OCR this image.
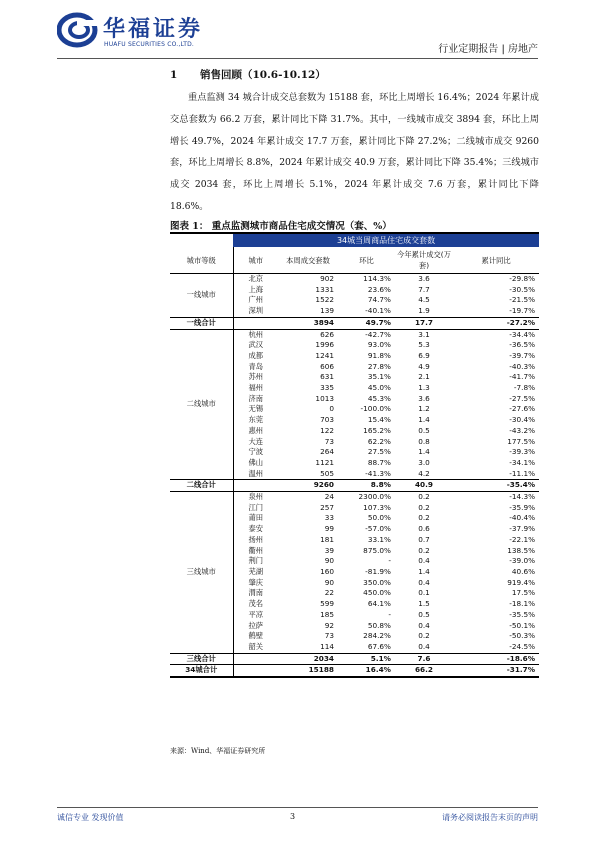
华福证券
HUAFU SECURITIES CO.,LTD.	行业定期报告 | 房地产
1 销售回顾（10.6-10.12）
重点监测 34 城合计成交总套数为 15188 套，环比上周增长 16.4%；2024 年累计成交总套数为 66.2 万套，累计同比下降 31.7%。其中，一线城市成交 3894 套，环比上周增长 49.7%，2024 年累计成交 17.7 万套，累计同比下降 27.2%；二线城市成交 9260 套，环比上周增长 8.8%，2024 年累计成交 40.9 万套，累计同比下降 35.4%；三线城市成交 2034 套，环比上周增长 5.1%，2024 年累计成交 7.6 万套，累计同比下降 18.6%。
图表 1： 重点监测城市商品住宅成交情况（套、%）
	34城当周商品住宅成交套数				
城市等级	城市	本周成交套数	环比	今年累计成交(万套)	累计同比
一线城市	北京	902	114.3%	3.6	-29.8%
	上海	1331	23.6%	7.7	-30.5%
	广州	1522	74.7%	4.5	-21.5%
	深圳	139	-40.1%	1.9	-19.7%
一线合计		3894	49.7%	17.7	-27.2%
二线城市	杭州	626	-42.7%	3.1	-34.4%
	武汉	1996	93.0%	5.3	-36.5%
	成都	1241	91.8%	6.9	-39.7%
	青岛	606	27.8%	4.9	-40.3%
	苏州	631	35.1%	2.1	-41.7%
	福州	335	45.0%	1.3	-7.8%
	济南	1013	45.3%	3.6	-27.5%
	无锡	0	-100.0%	1.2	-27.6%
	东莞	703	15.4%	1.4	-30.4%
	惠州	122	165.2%	0.5	-43.2%
	大连	73	62.2%	0.8	177.5%
	宁波	264	27.5%	1.4	-39.3%
	佛山	1121	88.7%	3.0	-34.1%
	温州	505	-41.3%	4.2	-11.1%
二线合计		9260	8.8%	40.9	-35.4%
三线城市	泉州	24	2300.0%	0.2	-14.3%
	江门	257	107.3%	0.2	-35.9%
	莆田	33	50.0%	0.2	-40.4%
	泰安	99	-57.0%	0.6	-37.9%
	扬州	181	33.1%	0.7	-22.1%
	衢州	39	875.0%	0.2	138.5%
	荆门	90	-	0.4	-39.0%
	芜湖	160	-81.9%	1.4	40.6%
	肇庆	90	350.0%	0.4	919.4%
	渭南	22	450.0%	0.1	17.5%
	茂名	599	64.1%	1.5	-18.1%
	平凉	185	-	0.5	-35.5%
	拉萨	92	50.8%	0.4	-50.1%
	鹤壁	73	284.2%	0.2	-50.3%
	韶关	114	67.6%	0.4	-24.5%
三线合计		2034	5.1%	7.6	-18.6%
34城合计		15188	16.4%	66.2	-31.7%
来源：Wind、华福证券研究所
诚信专业 发现价值	3	请务必阅读报告末页的声明
